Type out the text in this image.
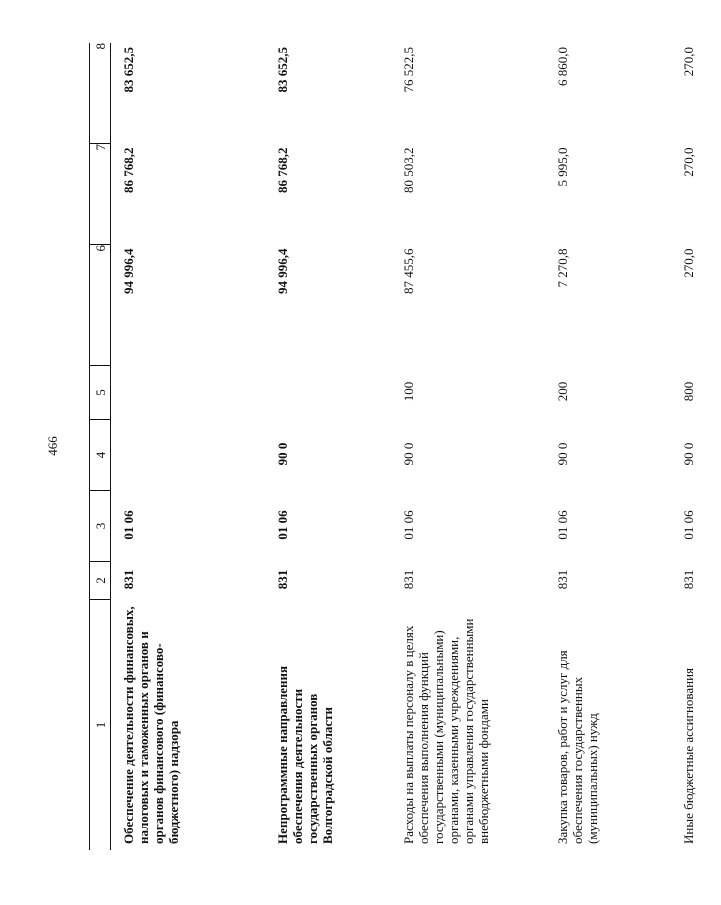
466
1	2	3	4	5	6	7	8
Обеспечение деятельности финансовых, налоговых и таможенных органов и органов финансового (финансово-бюджетного) надзора	831	01 06			94 996,4	86 768,2	83 652,5
Непрограммные направления обеспечения деятельности государственных органов Волгоградской области	831	01 06	90 0		94 996,4	86 768,2	83 652,5
Расходы на выплаты персоналу в целях обеспечения выполнения функций государственными (муниципальными) органами, казенными учреждениями, органами управления государственными внебюджетными фондами	831	01 06	90 0	100	87 455,6	80 503,2	76 522,5
Закупка товаров, работ и услуг для обеспечения государственных (муниципальных) нужд	831	01 06	90 0	200	7 270,8	5 995,0	6 860,0
Иные бюджетные ассигнования	831	01 06	90 0	800	270,0	270,0	270,0
